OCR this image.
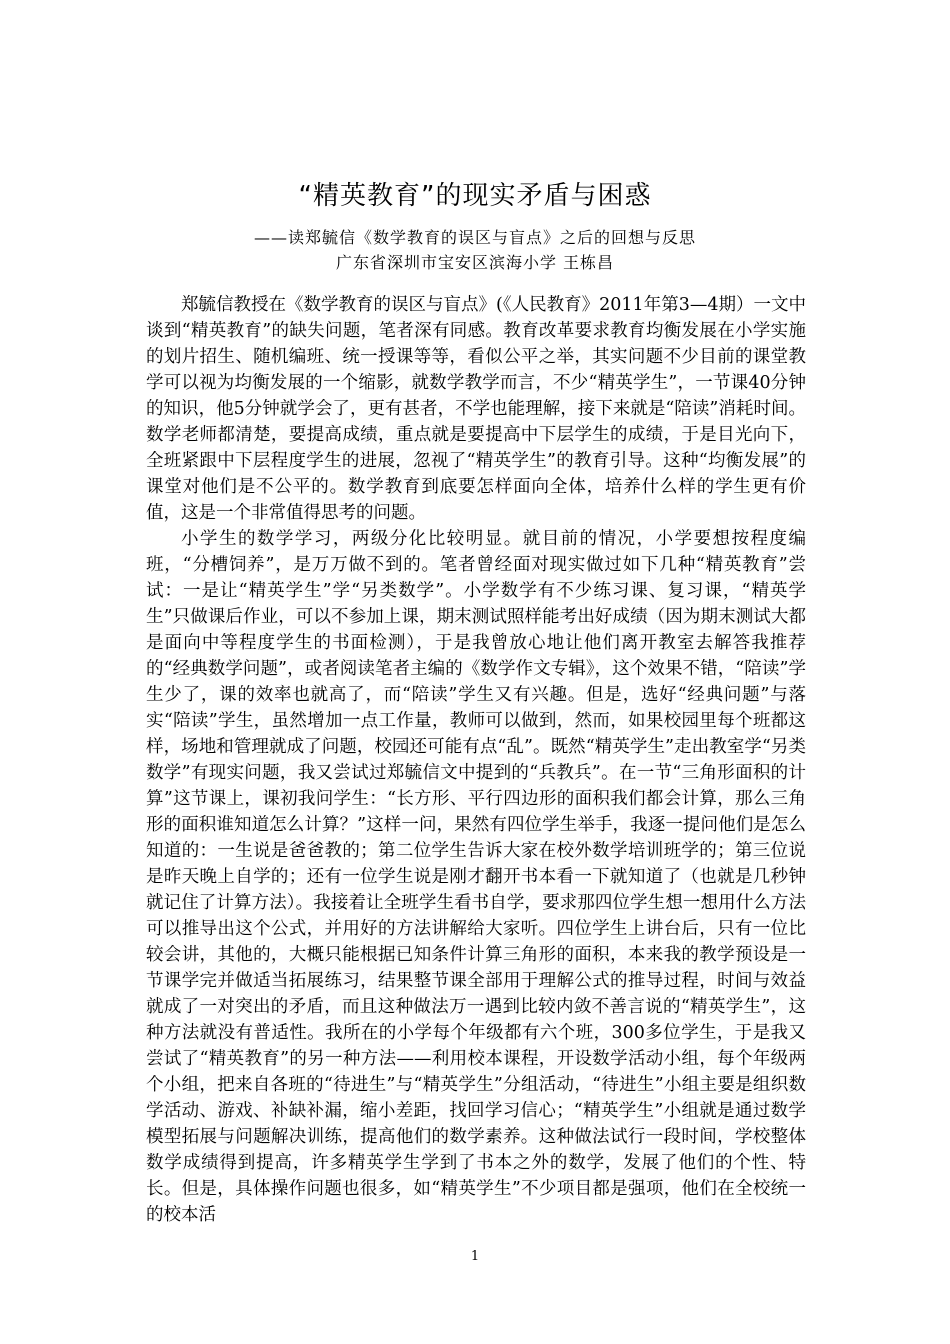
“精英教育”的现实矛盾与困惑
——读郑毓信《数学教育的误区与盲点》之后的回想与反思
广东省深圳市宝安区滨海小学 王栋昌

郑毓信教授在《数学教育的误区与盲点》(《人民教育》2011年第3—4期）一文中谈到“精英教育”的缺失问题，笔者深有同感。教育改革要求教育均衡发展在小学实施的划片招生、随机编班、统一授课等等，看似公平之举，其实问题不少目前的课堂教学可以视为均衡发展的一个缩影，就数学教学而言，不少“精英学生”，一节课40分钟的知识，他5分钟就学会了，更有甚者，不学也能理解，接下来就是“陪读”消耗时间。数学老师都清楚，要提高成绩，重点就是要提高中下层学生的成绩，于是目光向下，全班紧跟中下层程度学生的进展，忽视了“精英学生”的教育引导。这种“均衡发展”的课堂对他们是不公平的。数学教育到底要怎样面向全体，培养什么样的学生更有价值，这是一个非常值得思考的问题。

小学生的数学学习，两级分化比较明显。就目前的情况，小学要想按程度编班，“分槽饲养”，是万万做不到的。笔者曾经面对现实做过如下几种“精英教育”尝试：一是让“精英学生”学“另类数学”。小学数学有不少练习课、复习课，“精英学生”只做课后作业，可以不参加上课，期末测试照样能考出好成绩（因为期末测试大都是面向中等程度学生的书面检测），于是我曾放心地让他们离开教室去解答我推荐的“经典数学问题”，或者阅读笔者主编的《数学作文专辑》，这个效果不错，“陪读”学生少了，课的效率也就高了，而“陪读”学生又有兴趣。但是，选好“经典问题”与落实“陪读”学生，虽然增加一点工作量，教师可以做到，然而，如果校园里每个班都这样，场地和管理就成了问题，校园还可能有点“乱”。既然“精英学生”走出教室学“另类数学”有现实问题，我又尝试过郑毓信文中提到的“兵教兵”。在一节“三角形面积的计算”这节课上，课初我问学生：“长方形、平行四边形的面积我们都会计算，那么三角形的面积谁知道怎么计算？”这样一问，果然有四位学生举手，我逐一提问他们是怎么知道的：一生说是爸爸教的；第二位学生告诉大家在校外数学培训班学的；第三位说是昨天晚上自学的；还有一位学生说是刚才翻开书本看一下就知道了（也就是几秒钟就记住了计算方法）。我接着让全班学生看书自学，要求那四位学生想一想用什么方法可以推导出这个公式，并用好的方法讲解给大家听。四位学生上讲台后，只有一位比较会讲，其他的，大概只能根据已知条件计算三角形的面积，本来我的教学预设是一节课学完并做适当拓展练习，结果整节课全部用于理解公式的推导过程，时间与效益就成了一对突出的矛盾，而且这种做法万一遇到比较内敛不善言说的“精英学生”，这种方法就没有普适性。我所在的小学每个年级都有六个班，300多位学生，于是我又尝试了“精英教育”的另一种方法——利用校本课程，开设数学活动小组，每个年级两个小组，把来自各班的“待进生”与“精英学生”分组活动，“待进生”小组主要是组织数学活动、游戏、补缺补漏，缩小差距，找回学习信心；“精英学生”小组就是通过数学模型拓展与问题解决训练，提高他们的数学素养。这种做法试行一段时间，学校整体数学成绩得到提高，许多精英学生学到了书本之外的数学，发展了他们的个性、特长。但是，具体操作问题也很多，如“精英学生”不少项目都是强项，他们在全校统一的校本活

1
